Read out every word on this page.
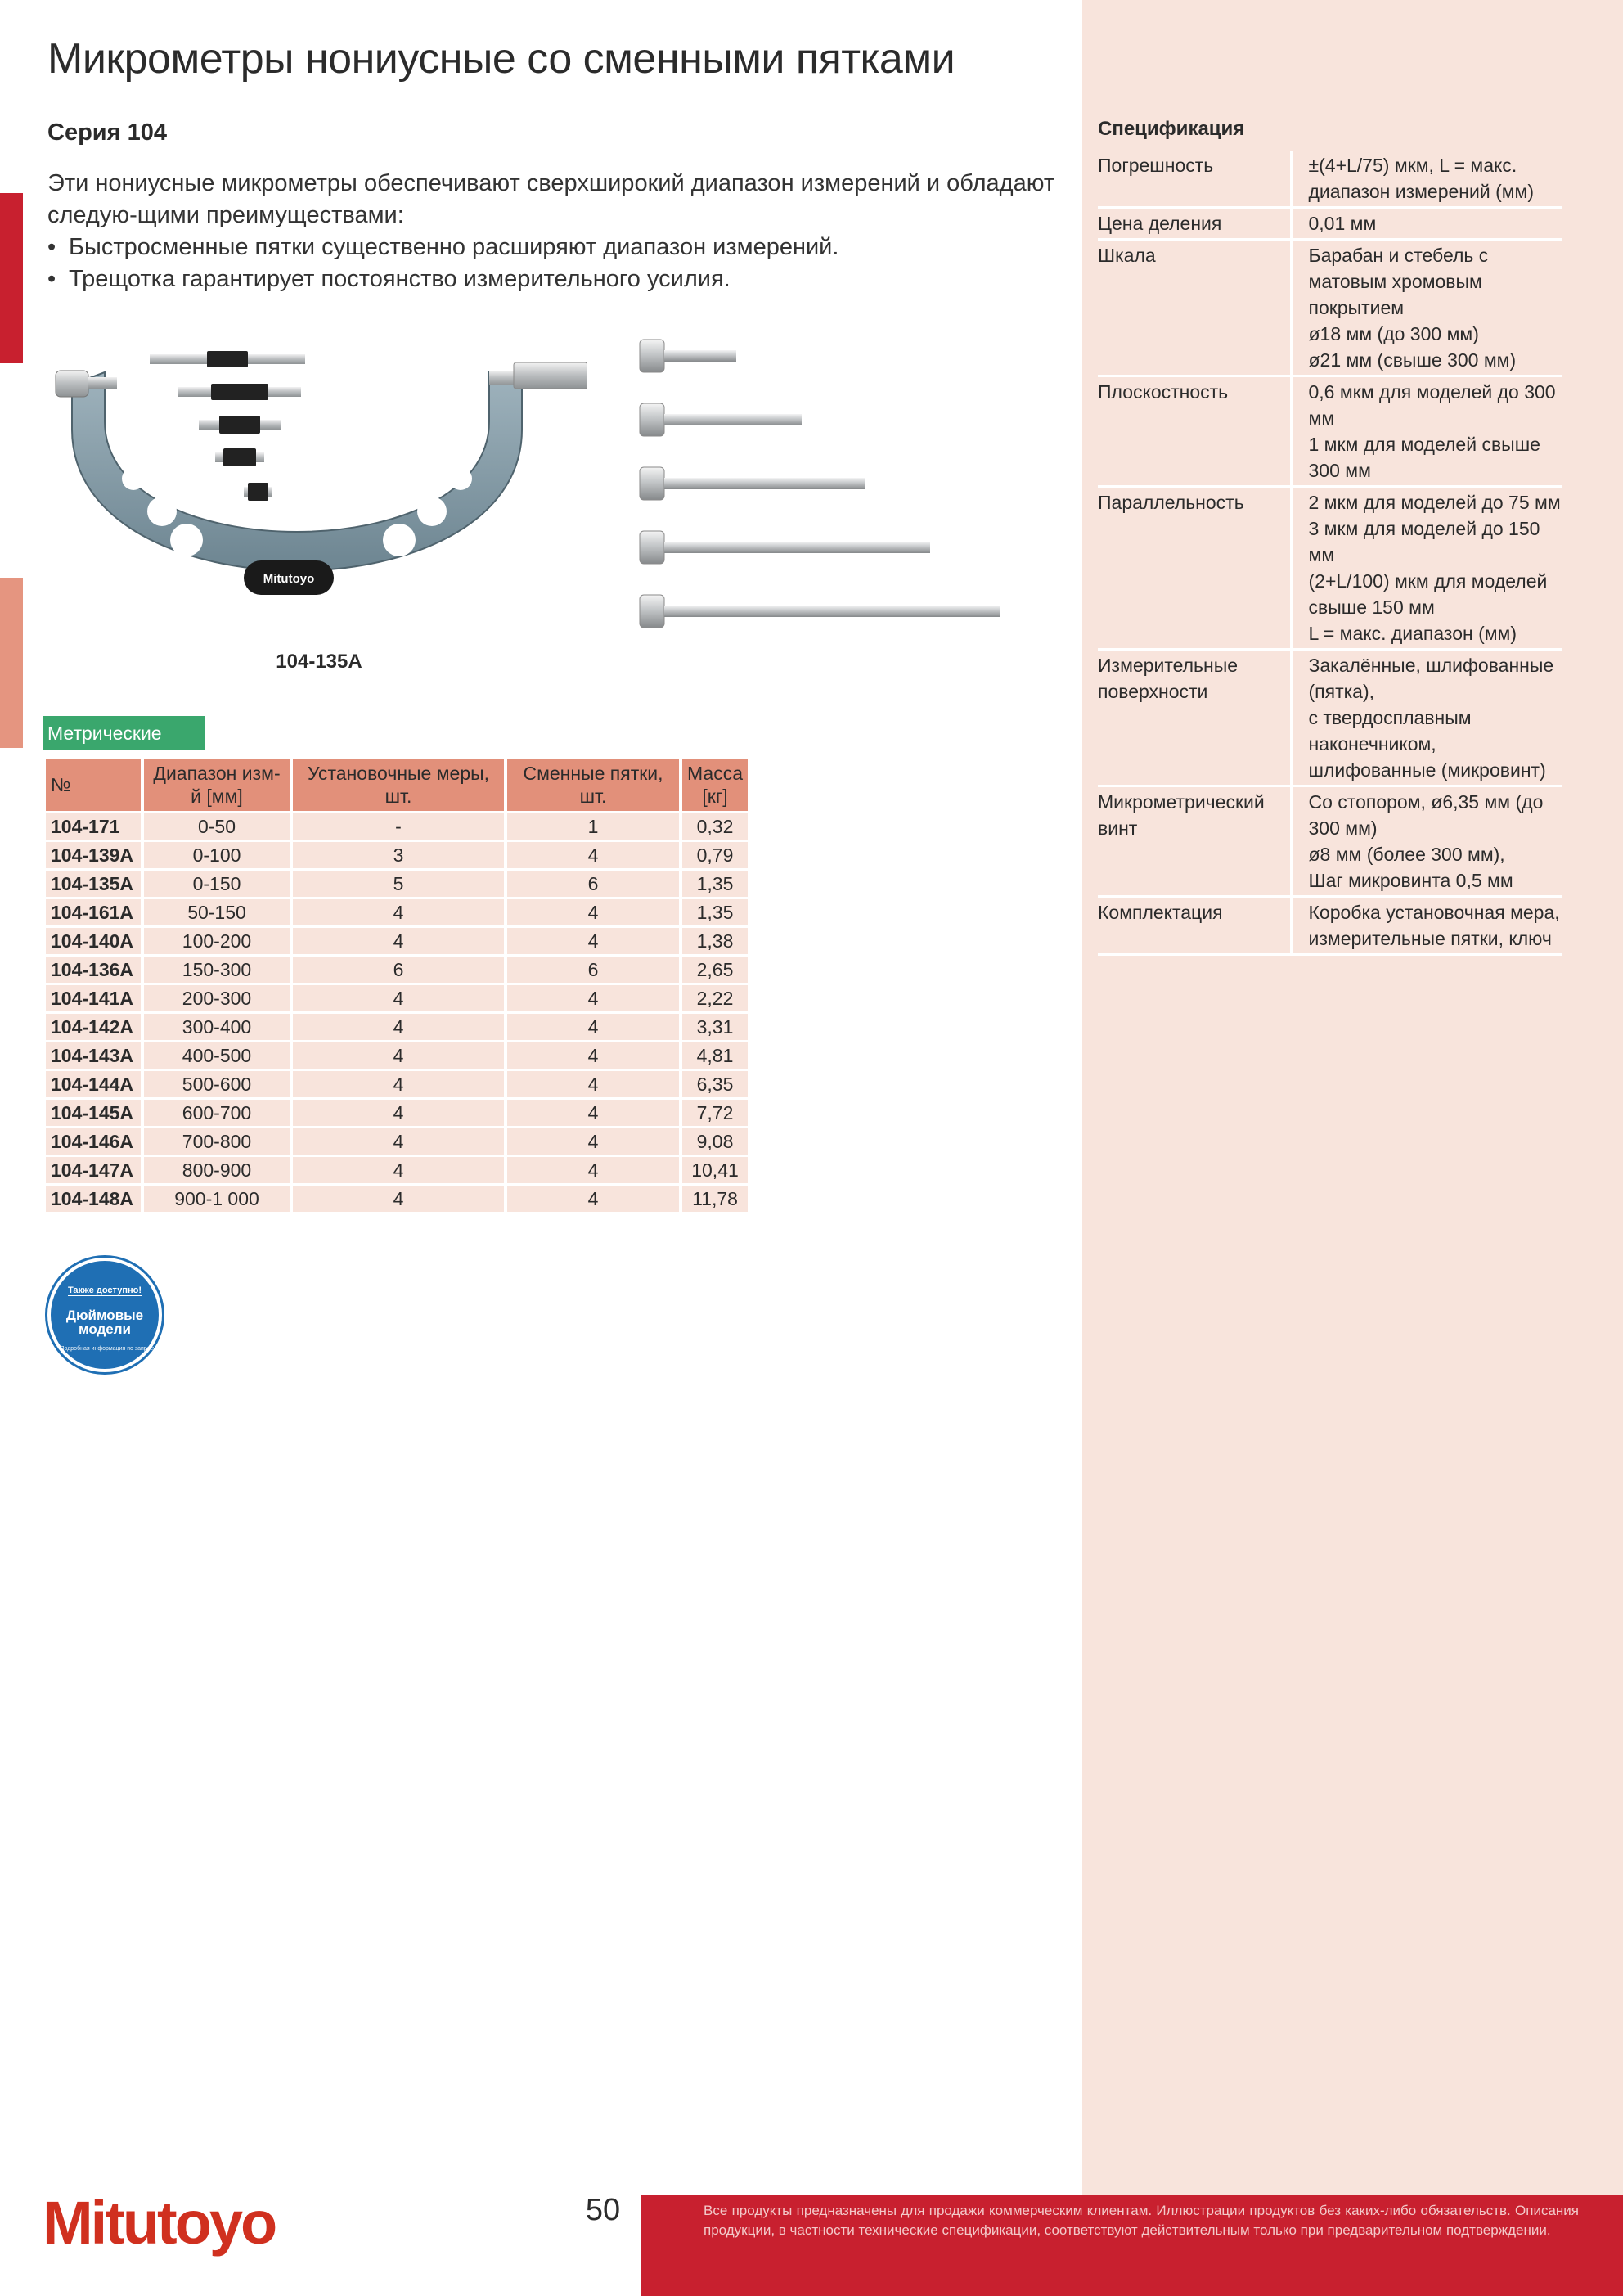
Микрометры нониусные со сменными пятками
Серия 104

Эти нониусные микрометры обеспечивают сверхширокий диапазон измерений и обладают следую-щими преимуществами:

• Быстросменные пятки существенно расширяют диапазон измерений.
• Трещотка гарантирует постоянство измерительного усилия.
Mitutoyo
104-135A
Метрические
№	Диапазон изм-й [мм]	Установочные меры, шт.	Сменные пятки, шт.	Масса [кг]
104-171	0-50	-	1	0,32
104-139A	0-100	3	4	0,79
104-135A	0-150	5	6	1,35
104-161A	50-150	4	4	1,35
104-140A	100-200	4	4	1,38
104-136A	150-300	6	6	2,65
104-141A	200-300	4	4	2,22
104-142A	300-400	4	4	3,31
104-143A	400-500	4	4	4,81
104-144A	500-600	4	4	6,35
104-145A	600-700	4	4	7,72
104-146A	700-800	4	4	9,08
104-147A	800-900	4	4	10,41
104-148A	900-1 000	4	4	11,78
Также доступно!
Дюймовые модели
Подробная информация по запросу
Спецификация
Погрешность	±(4+L/75) мкм, L = макс. диапазон измерений (мм)
Цена деления	0,01 мм
Шкала	Барабан и стебель с матовым хромовым покрытием
ø18 мм (до 300 мм)
ø21 мм (свыше 300 мм)
Плоскостность	0,6 мкм для моделей до 300 мм
1 мкм для моделей свыше 300 мм
Параллельность	2 мкм для моделей до 75 мм
3 мкм для моделей до 150 мм
(2+L/100) мкм для моделей свыше 150 мм
L = макс. диапазон (мм)
Измерительные поверхности	Закалённые, шлифованные (пятка),
с твердосплавным наконечником, шлифованные (микровинт)
Микрометрический винт	Со стопором, ø6,35 мм (до 300 мм)
ø8 мм (более 300 мм),
Шаг микровинта 0,5 мм
Комплектация	Коробка установочная мера, измерительные пятки, ключ
Mitutoyo	50	Все продукты предназначены для продажи коммерческим клиентам. Иллюстрации продуктов без каких-либо обязательств. Описания продукции, в частности технические спецификации, соответствуют действительным только при предварительном подтверждении.
